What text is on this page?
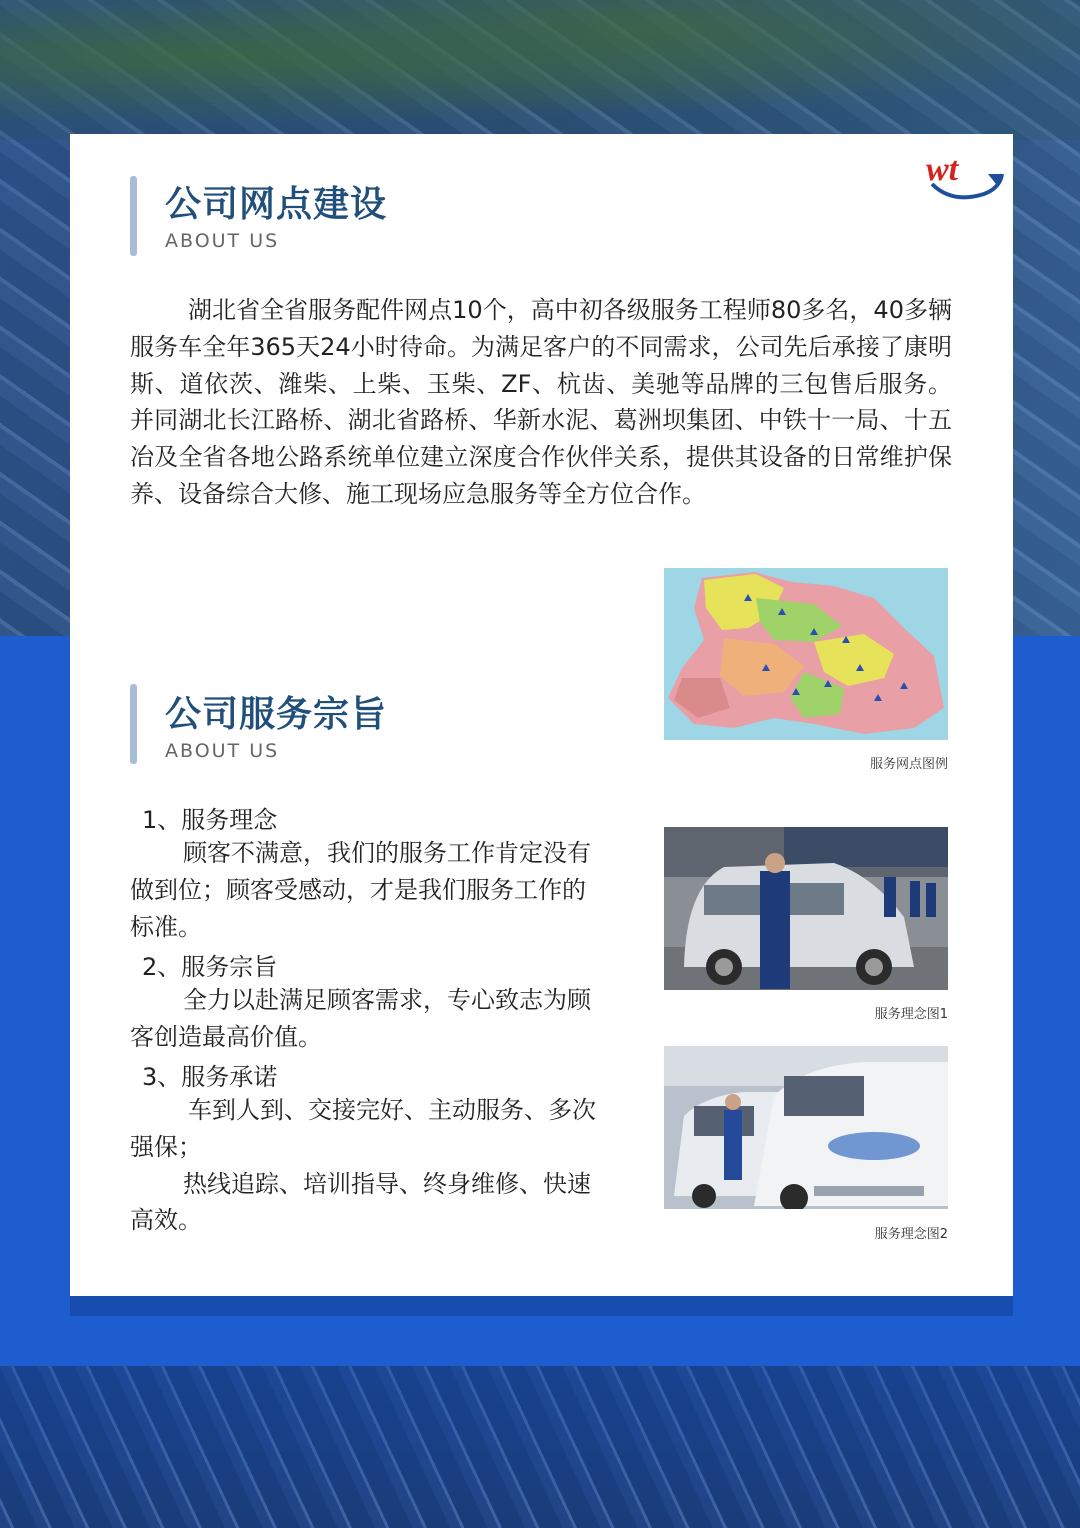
wt
公司网点建设
ABOUT US

湖北省全省服务配件网点10个，高中初各级服务工程师80多名，40多辆服务车全年365天24小时待命。为满足客户的不同需求，公司先后承接了康明斯、道依茨、潍柴、上柴、玉柴、ZF、杭齿、美驰等品牌的三包售后服务。并同湖北长江路桥、湖北省路桥、华新水泥、葛洲坝集团、中铁十一局、十五冶及全省各地公路系统单位建立深度合作伙伴关系，提供其设备的日常维护保养、设备综合大修、施工现场应急服务等全方位合作。

服务网点图例
公司服务宗旨
ABOUT US
1、服务理念
顾客不满意，我们的服务工作肯定没有
做到位；顾客受感动，才是我们服务工作的
标准。
2、服务宗旨
全力以赴满足顾客需求，专心致志为顾
客创造最高价值。
3、服务承诺
车到人到、交接完好、主动服务、多次
强保；
热线追踪、培训指导、终身维修、快速
高效。
服务理念图1
服务理念图2
